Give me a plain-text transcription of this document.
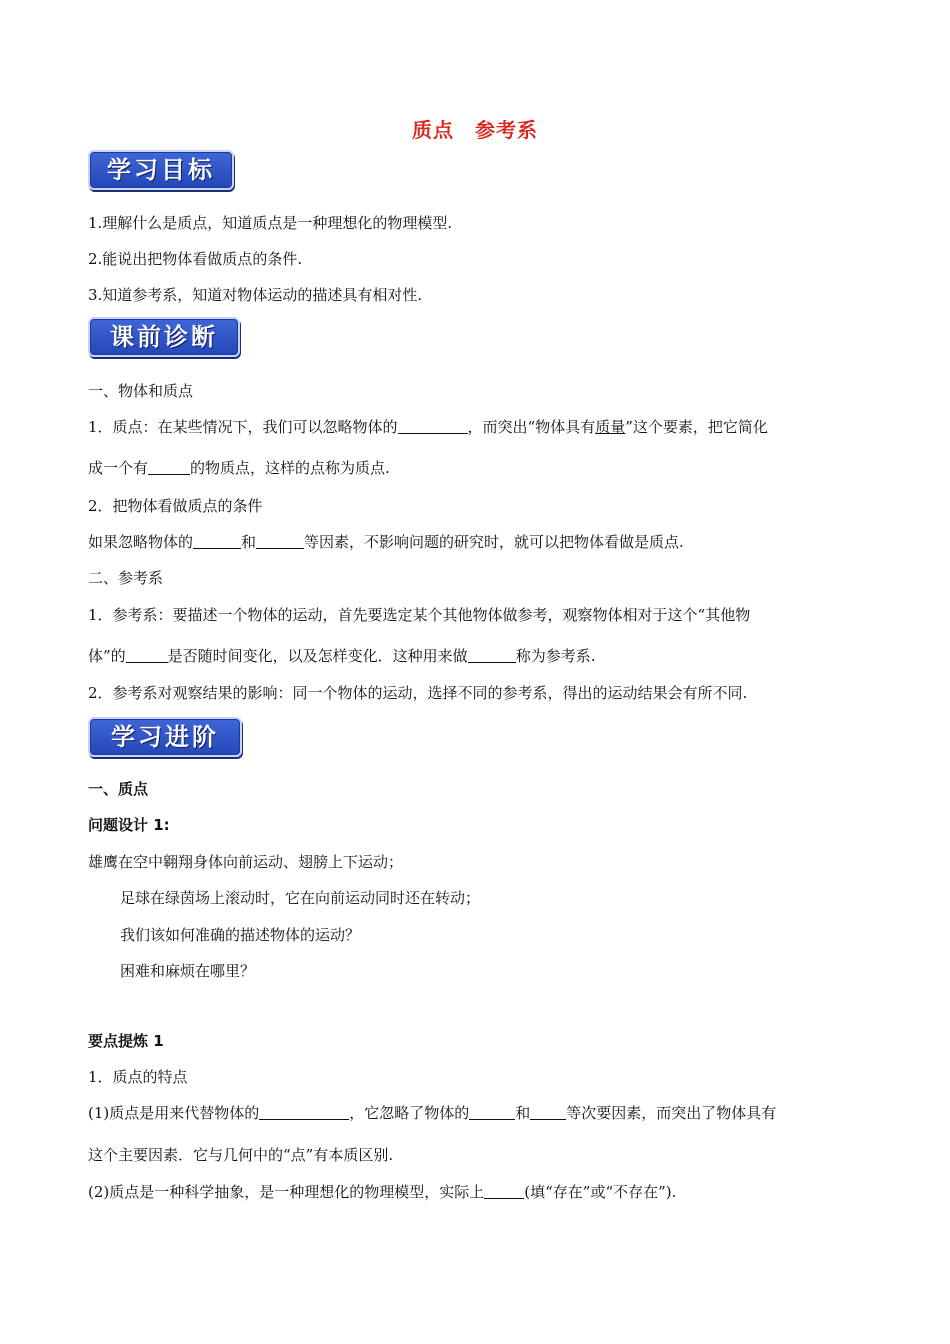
质点　参考系
学习目标
1.理解什么是质点，知道质点是一种理想化的物理模型.
2.能说出把物体看做质点的条件.
3.知道参考系，知道对物体运动的描述具有相对性.
课前诊断
一、物体和质点
1．质点：在某些情况下，我们可以忽略物体的	，而突出“物体具有质量”这个要素，把它简化
成一个有	的物质点，这样的点称为质点.
2．把物体看做质点的条件
如果忽略物体的	和	等因素，不影响问题的研究时，就可以把物体看做是质点.
二、参考系
1．参考系：要描述一个物体的运动，首先要选定某个其他物体做参考，观察物体相对于这个“其他物
体”的	是否随时间变化，以及怎样变化．这种用来做	称为参考系.
2．参考系对观察结果的影响：同一个物体的运动，选择不同的参考系，得出的运动结果会有所不同.
学习进阶
一、质点
问题设计 1:
雄鹰在空中翱翔身体向前运动、翅膀上下运动；
足球在绿茵场上滚动时，它在向前运动同时还在转动；
我们该如何准确的描述物体的运动？
困难和麻烦在哪里？
要点提炼 1
1．质点的特点
(1)质点是用来代替物体的	，它忽略了物体的	和 等次要因素，而突出了物体具有
这个主要因素．它与几何中的“点”有本质区别.
(2)质点是一种科学抽象，是一种理想化的物理模型，实际上	(填“存在”或“不存在”).
